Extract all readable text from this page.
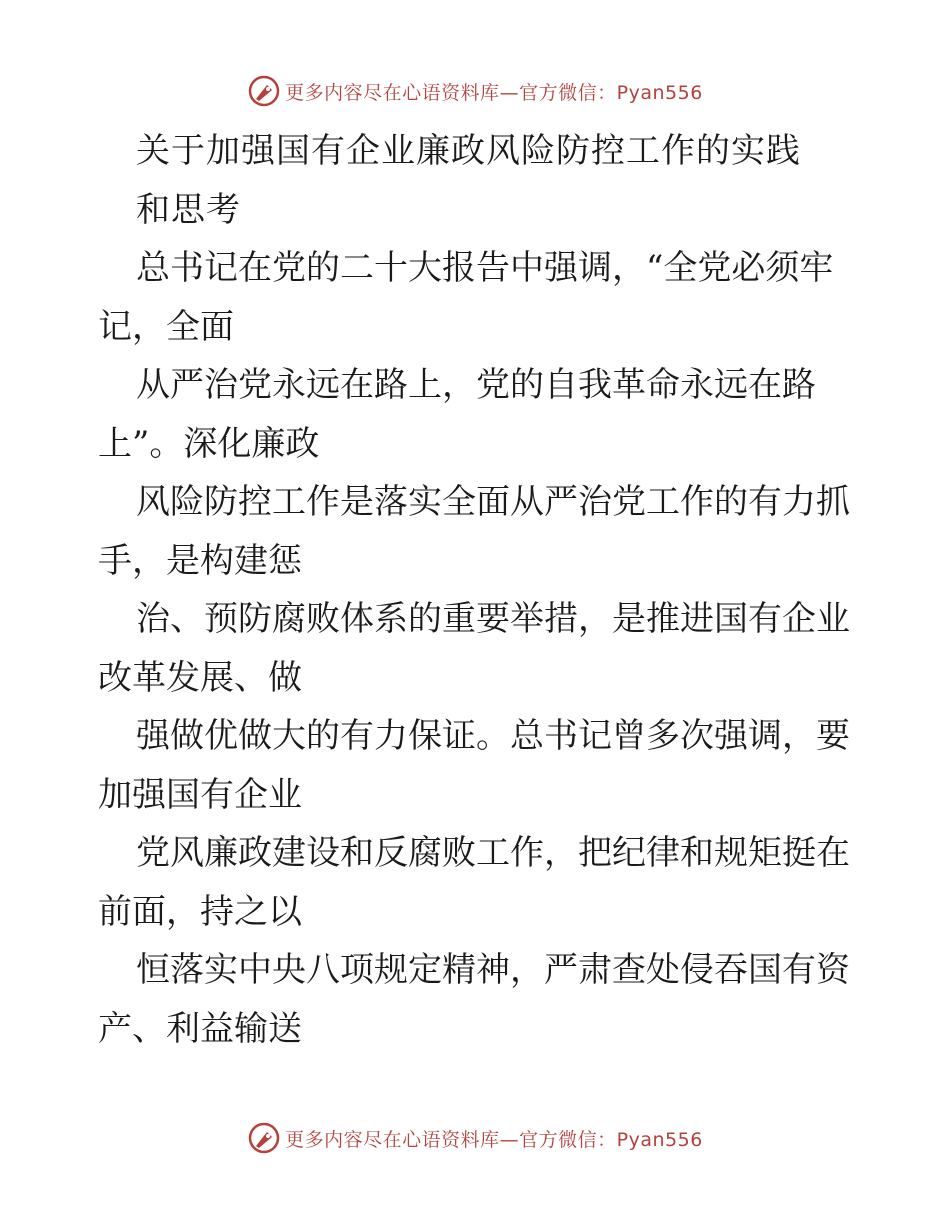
更多内容尽在心语资料库—官方微信：Pyan556
关于加强国有企业廉政风险防控工作的实践
和思考
总书记在党的二十大报告中强调，“全党必须牢
记，全面
从严治党永远在路上，党的自我革命永远在路
上”。深化廉政
风险防控工作是落实全面从严治党工作的有力抓
手，是构建惩
治、预防腐败体系的重要举措，是推进国有企业
改革发展、做
强做优做大的有力保证。总书记曾多次强调，要
加强国有企业
党风廉政建设和反腐败工作，把纪律和规矩挺在
前面，持之以
恒落实中央八项规定精神，严肃查处侵吞国有资
产、利益输送
更多内容尽在心语资料库—官方微信：Pyan556
